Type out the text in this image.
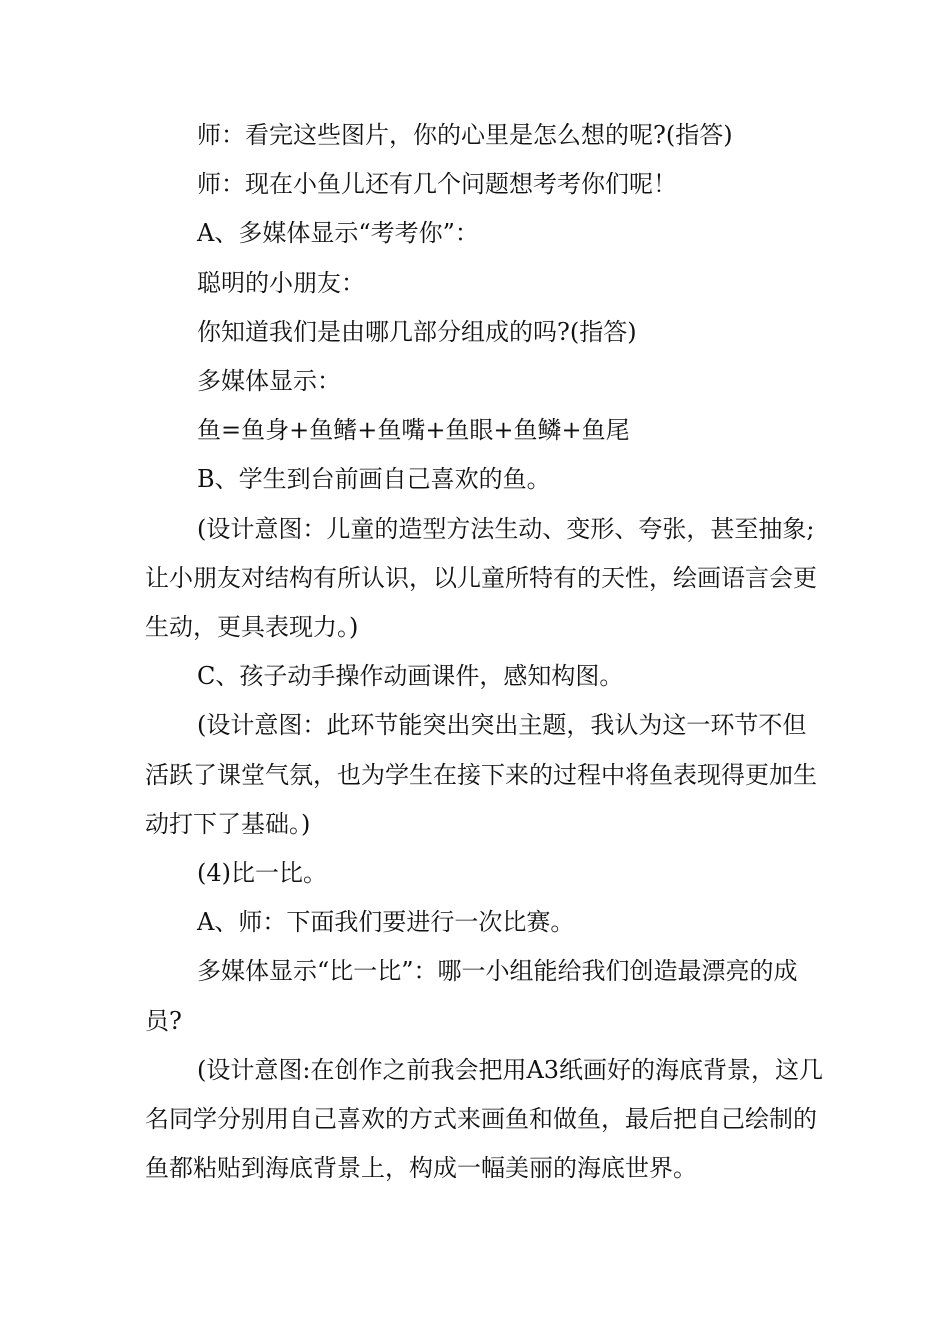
师：看完这些图片，你的心里是怎么想的呢?(指答)

师：现在小鱼儿还有几个问题想考考你们呢！

A、多媒体显示“考考你”：

聪明的小朋友：

你知道我们是由哪几部分组成的吗?(指答)

多媒体显示：

鱼=鱼身+鱼鳍+鱼嘴+鱼眼+鱼鳞+鱼尾

B、学生到台前画自己喜欢的鱼。

(设计意图：儿童的造型方法生动、变形、夸张，甚至抽象;让小朋友对结构有所认识，以儿童所特有的天性，绘画语言会更生动，更具表现力。)

C、孩子动手操作动画课件，感知构图。

(设计意图：此环节能突出突出主题，我认为这一环节不但活跃了课堂气氛，也为学生在接下来的过程中将鱼表现得更加生动打下了基础。)

(4)比一比。

A、师：下面我们要进行一次比赛。

多媒体显示“比一比”：哪一小组能给我们创造最漂亮的成员?

(设计意图:在创作之前我会把用A3纸画好的海底背景，这几名同学分别用自己喜欢的方式来画鱼和做鱼，最后把自己绘制的鱼都粘贴到海底背景上，构成一幅美丽的海底世界。
